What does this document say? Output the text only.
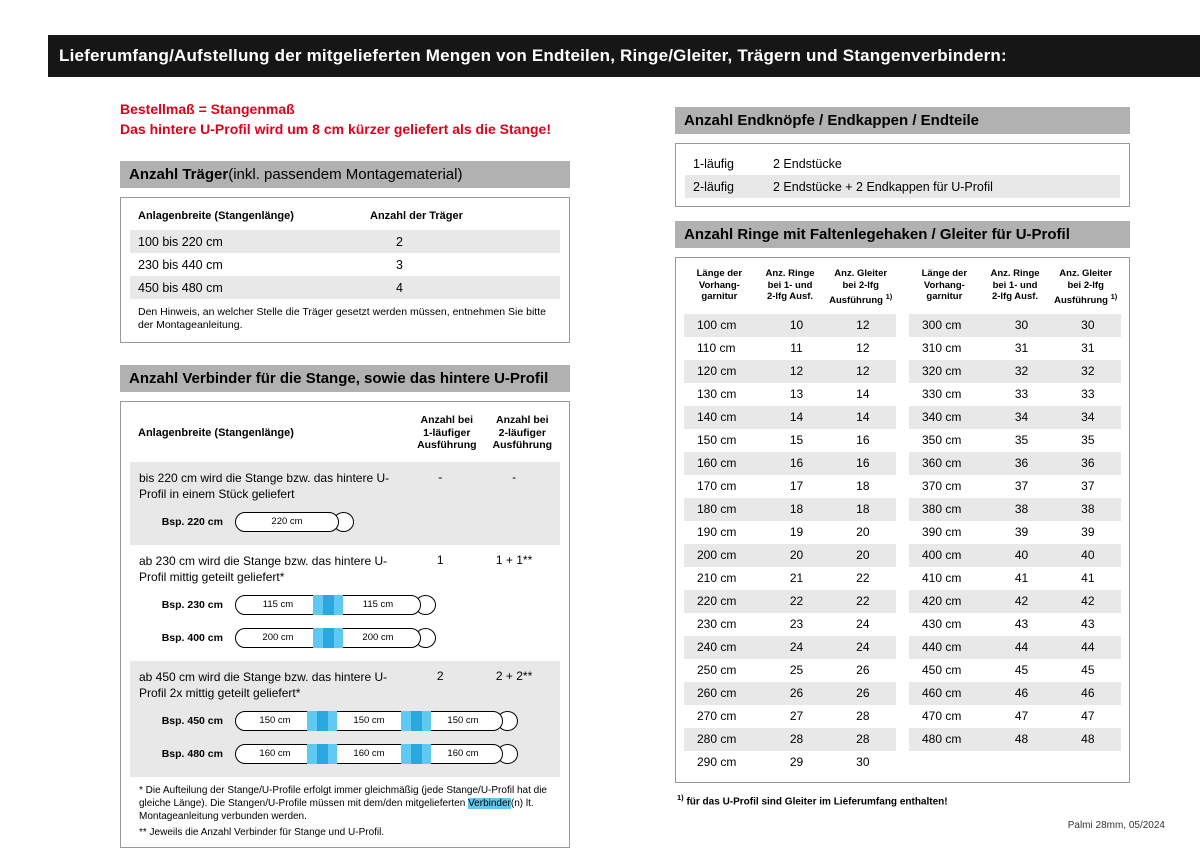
Lieferumfang/Aufstellung der mitgelieferten Mengen von Endteilen, Ringe/Gleiter, Trägern und Stangenverbindern:
Bestellmaß = Stangenmaß
Das hintere U-Profil wird um 8 cm kürzer geliefert als die Stange!
Anzahl Träger (inkl. passendem Montagematerial)
Anlagenbreite (Stangenlänge)	Anzahl der Träger
100 bis 220 cm	2
230 bis 440 cm	3
450 bis 480 cm	4
Den Hinweis, an welcher Stelle die Träger gesetzt werden müssen, entnehmen Sie bitte der Montageanleitung.
Anzahl Verbinder für die Stange, sowie das hintere U-Profil
Anlagenbreite (Stangenlänge)
Anzahl bei
1-läufiger
Ausführung
Anzahl bei
2-läufiger
Ausführung
bis 220 cm wird die Stange bzw. das hintere U-Profil in einem Stück geliefert
-	-
Bsp. 220 cm	220 cm
ab 230 cm wird die Stange bzw. das hintere U-Profil mittig geteilt geliefert*
1	1 + 1**
Bsp. 230 cm	115 cm	115 cm
Bsp. 400 cm	200 cm	200 cm
ab 450 cm wird die Stange bzw. das hintere U-Profil 2x mittig geteilt geliefert*
2	2 + 2**
Bsp. 450 cm	150 cm	150 cm	150 cm
Bsp. 480 cm	160 cm	160 cm	160 cm
* Die Aufteilung der Stange/U-Profile erfolgt immer gleichmäßig (jede Stange/U-Profil hat die gleiche Länge). Die Stangen/U-Profile müssen mit dem/den mitgelieferten Verbinder(n) lt. Montageanleitung verbunden werden.
** Jeweils die Anzahl Verbinder für Stange und U-Profil.
Anzahl Endknöpfe / Endkappen / Endteile
1-läufig	2 Endstücke
2-läufig	2 Endstücke + 2 Endkappen für U-Profil
Anzahl Ringe mit Faltenlegehaken / Gleiter für U-Profil
Länge der
Vorhang-
garnitur
Anz. Ringe
bei 1- und
2-lfg Ausf.
Anz. Gleiter
bei 2-lfg
Ausführung $^{1)}$
100 cm	10	12
110 cm	11	12
120 cm	12	12
130 cm	13	14
140 cm	14	14
150 cm	15	16
160 cm	16	16
170 cm	17	18
180 cm	18	18
190 cm	19	20
200 cm	20	20
210 cm	21	22
220 cm	22	22
230 cm	23	24
240 cm	24	24
250 cm	25	26
260 cm	26	26
270 cm	27	28
280 cm	28	28
290 cm	29	30
Länge der
Vorhang-
garnitur
Anz. Ringe
bei 1- und
2-lfg Ausf.
Anz. Gleiter
bei 2-lfg
Ausführung $^{1)}$
300 cm	30	30
310 cm	31	31
320 cm	32	32
330 cm	33	33
340 cm	34	34
350 cm	35	35
360 cm	36	36
370 cm	37	37
380 cm	38	38
390 cm	39	39
400 cm	40	40
410 cm	41	41
420 cm	42	42
430 cm	43	43
440 cm	44	44
450 cm	45	45
460 cm	46	46
470 cm	47	47
480 cm	48	48
$^{1)}$ für das U-Profil sind Gleiter im Lieferumfang enthalten!
Palmi 28mm, 05/2024
